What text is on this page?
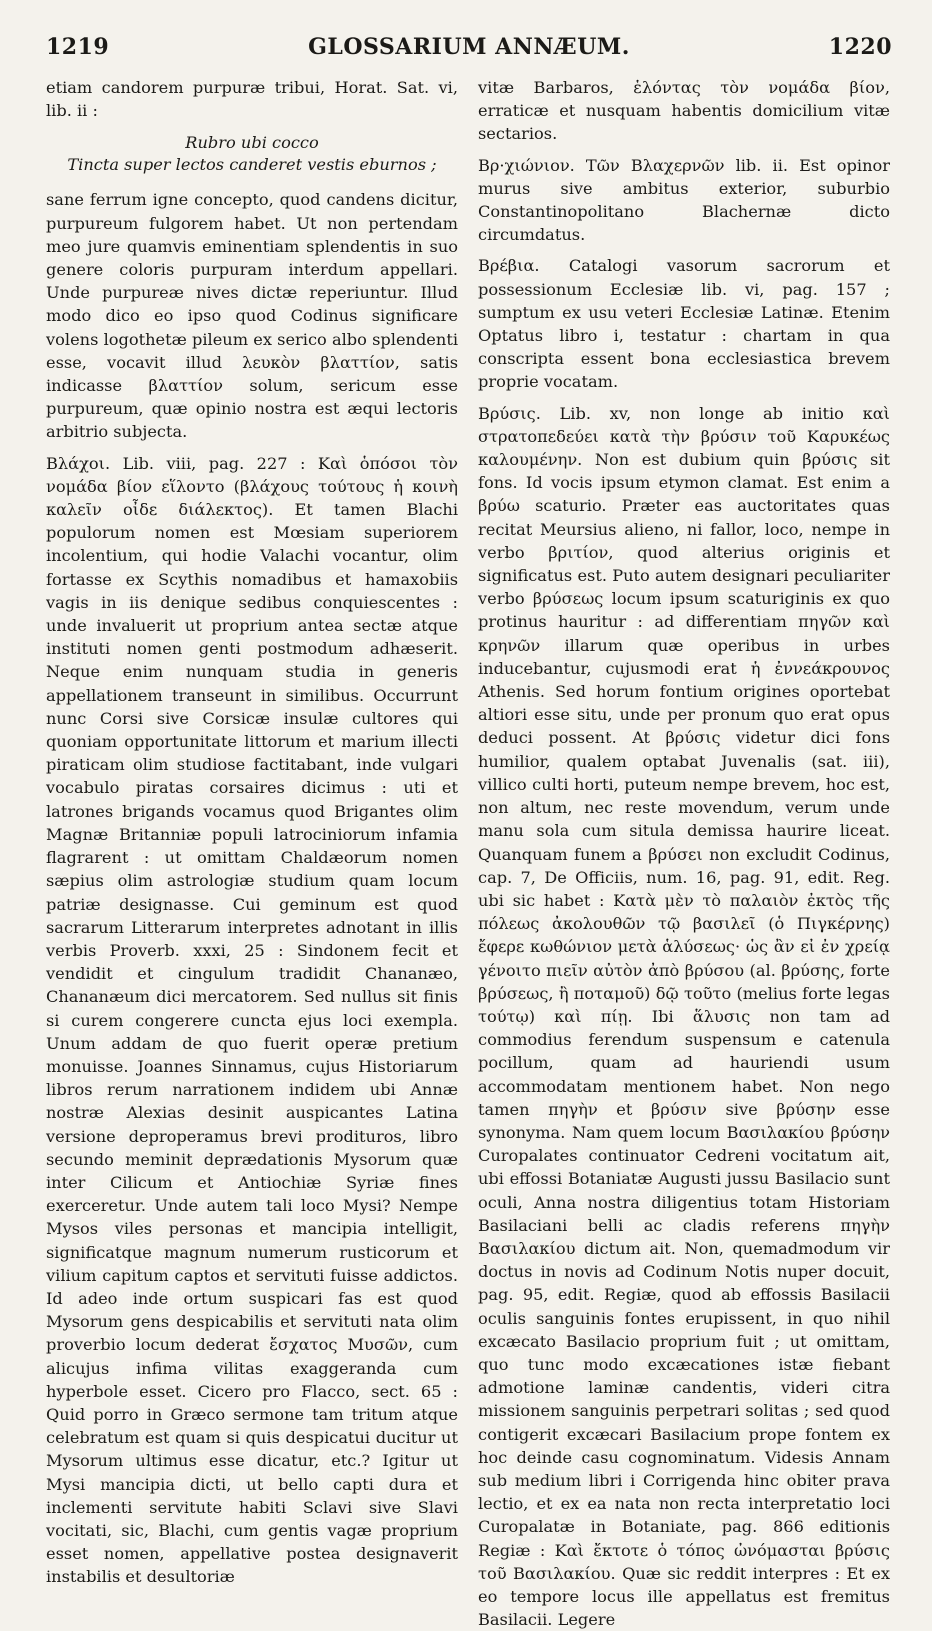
1219	GLOSSARIUM ANNÆUM.	1220

etiam candorem purpuræ tribui, Horat. Sat. vi, lib. ii :

Rubro ubi cocco
Tincta super lectos canderet vestis eburnos ;

sane ferrum igne concepto, quod candens dicitur, purpureum fulgorem habet. Ut non pertendam meo jure quamvis eminentiam splendentis in suo genere coloris purpuram interdum appellari. Unde purpureæ nives dictæ reperiuntur. Illud modo dico eo ipso quod Codinus significare volens logothetæ pileum ex serico albo splendenti esse, vocavit illud λευκὸν βλαττίον, satis indicasse βλαττίον solum, sericum esse purpureum, quæ opinio nostra est æqui lectoris arbitrio subjecta.

Βλάχοι. Lib. viii, pag. 227 : Καὶ ὁπόσοι τὸν νομάδα βίον εἵλοντο (βλάχους τούτους ἡ κοινὴ καλεῖν οἶδε διάλεκτος). Et tamen Blachi populorum nomen est Mœsiam superiorem incolentium, qui hodie Valachi vocantur, olim fortasse ex Scythis nomadibus et hamaxobiis vagis in iis denique sedibus conquiescentes : unde invaluerit ut proprium antea sectæ atque instituti nomen genti postmodum adhæserit. Neque enim nunquam studia in generis appellationem transeunt in similibus. Occurrunt nunc Corsi sive Corsicæ insulæ cultores qui quoniam opportunitate littorum et marium illecti piraticam olim studiose factitabant, inde vulgari vocabulo piratas corsaires dicimus : uti et latrones brigands vocamus quod Brigantes olim Magnæ Britanniæ populi latrociniorum infamia flagrarent : ut omittam Chaldæorum nomen sæpius olim astrologiæ studium quam locum patriæ designasse. Cui geminum est quod sacrarum Litterarum interpretes adnotant in illis verbis Proverb. xxxi, 25 : Sindonem fecit et vendidit et cingulum tradidit Chananæo, Chananæum dici mercatorem. Sed nullus sit finis si curem congerere cuncta ejus loci exempla. Unum addam de quo fuerit operæ pretium monuisse. Joannes Sinnamus, cujus Historiarum libros rerum narrationem indidem ubi Annæ nostræ Alexias desinit auspicantes Latina versione deproperamus brevi prodituros, libro secundo meminit deprædationis Mysorum quæ inter Cilicum et Antiochiæ Syriæ fines exerceretur. Unde autem tali loco Mysi? Nempe Mysos viles personas et mancipia intelligit, significatque magnum numerum rusticorum et vilium capitum captos et servituti fuisse addictos. Id adeo inde ortum suspicari fas est quod Mysorum gens despicabilis et servituti nata olim proverbio locum dederat ἔσχατος Μυσῶν, cum alicujus infima vilitas exaggeranda cum hyperbole esset. Cicero pro Flacco, sect. 65 : Quid porro in Græco sermone tam tritum atque celebratum est quam si quis despicatui ducitur ut Mysorum ultimus esse dicatur, etc.? Igitur ut Mysi mancipia dicti, ut bello capti dura et inclementi servitute habiti Sclavi sive Slavi vocitati, sic, Blachi, cum gentis vagæ proprium esset nomen, appellative postea designaverit instabilis et desultoriæ

vitæ Barbaros, ἑλόντας τὸν νομάδα βίον, erraticæ et nusquam habentis domicilium vitæ sectarios.

Βρ·χιώνιον. Τῶν Βλαχερνῶν lib. ii. Est opinor murus sive ambitus exterior, suburbio Constantinopolitano Blachernæ dicto circumdatus.

Βρέβια. Catalogi vasorum sacrorum et possessionum Ecclesiæ lib. vi, pag. 157 ; sumptum ex usu veteri Ecclesiæ Latinæ. Etenim Optatus libro i, testatur : chartam in qua conscripta essent bona ecclesiastica brevem proprie vocatam.

Βρύσις. Lib. xv, non longe ab initio καὶ στρατοπεδεύει κατὰ τὴν βρύσιν τοῦ Καρυκέως καλουμένην. Non est dubium quin βρύσις sit fons. Id vocis ipsum etymon clamat. Est enim a βρύω scaturio. Præter eas auctoritates quas recitat Meursius alieno, ni fallor, loco, nempe in verbo βριτίον, quod alterius originis et significatus est. Puto autem designari peculiariter verbo βρύσεως locum ipsum scaturiginis ex quo protinus hauritur : ad differentiam πηγῶν καὶ κρηνῶν illarum quæ operibus in urbes inducebantur, cujusmodi erat ἡ ἐννεάκρουνος Athenis. Sed horum fontium origines oportebat altiori esse situ, unde per pronum quo erat opus deduci possent. At βρύσις videtur dici fons humilior, qualem optabat Juvenalis (sat. iii), villico culti horti, puteum nempe brevem, hoc est, non altum, nec reste movendum, verum unde manu sola cum situla demissa haurire liceat. Quanquam funem a βρύσει non excludit Codinus, cap. 7, De Officiis, num. 16, pag. 91, edit. Reg. ubi sic habet : Κατὰ μὲν τὸ παλαιὸν ἐκτὸς τῆς πόλεως ἀκολουθῶν τῷ βασιλεῖ (ὁ Πιγκέρνης) ἔφερε κωθώνιον μετὰ ἁλύσεως· ὡς ἂν εἰ ἐν χρείᾳ γένοιτο πιεῖν αὐτὸν ἀπὸ βρύσου (al. βρύσης, forte βρύσεως, ἢ ποταμοῦ) δῷ τοῦτο (melius forte legas τούτῳ) καὶ πίῃ. Ibi ἅλυσις non tam ad commodius ferendum suspensum e catenula pocillum, quam ad hauriendi usum accommodatam mentionem habet. Non nego tamen πηγὴν et βρύσιν sive βρύσην esse synonyma. Nam quem locum Βασιλακίου βρύσην Curopalates continuator Cedreni vocitatum ait, ubi effossi Botaniatæ Augusti jussu Basilacio sunt oculi, Anna nostra diligentius totam Historiam Basilaciani belli ac cladis referens πηγὴν Βασιλακίου dictum ait. Non, quemadmodum vir doctus in novis ad Codinum Notis nuper docuit, pag. 95, edit. Regiæ, quod ab effossis Basilacii oculis sanguinis fontes erupissent, in quo nihil excæcato Basilacio proprium fuit ; ut omittam, quo tunc modo excæcationes istæ fiebant admotione laminæ candentis, videri citra missionem sanguinis perpetrari solitas ; sed quod contigerit excæcari Basilacium prope fontem ex hoc deinde casu cognominatum. Videsis Annam sub medium libri i Corrigenda hinc obiter prava lectio, et ex ea nata non recta interpretatio loci Curopalatæ in Botaniate, pag. 866 editionis Regiæ : Καὶ ἔκτοτε ὁ τόπος ὠνόμασται βρύσις τοῦ Βασιλακίου. Quæ sic reddit interpres : Et ex eo tempore locus ille appellatus est fremitus Basilacii. Legere
